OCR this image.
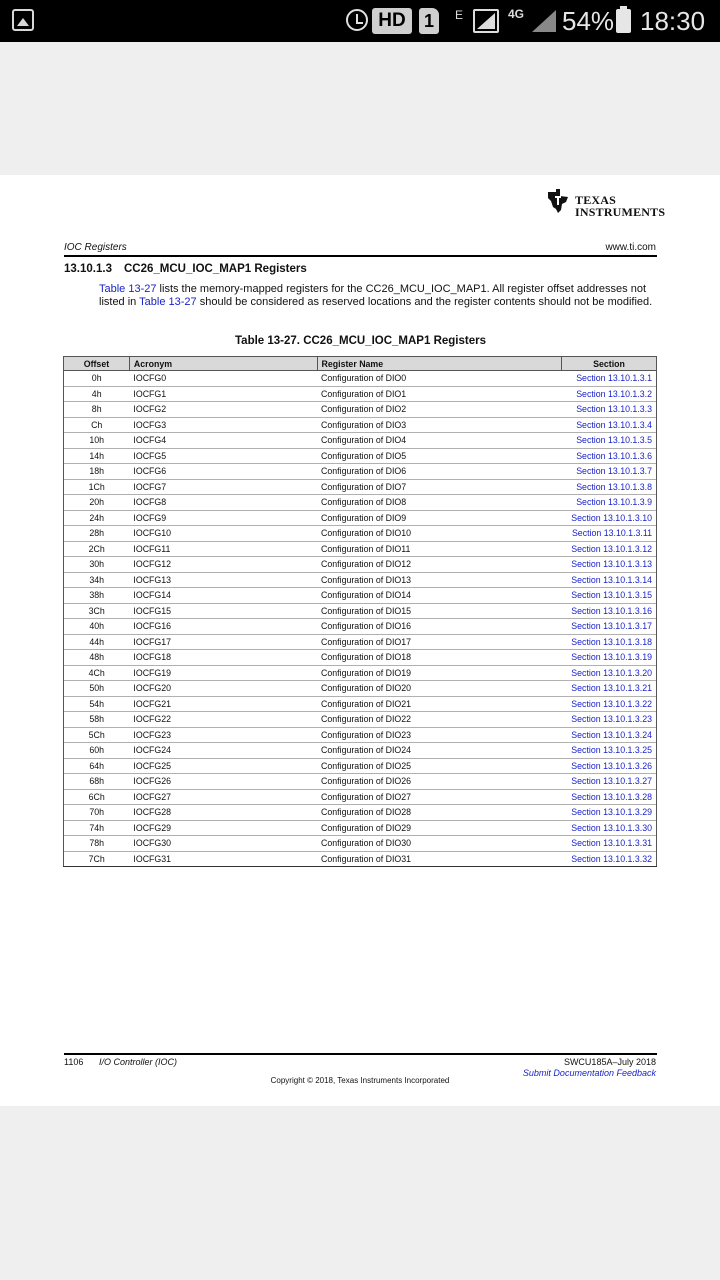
HD	1	E	4G 54% 18:30
TEXAS
INSTRUMENTS
IOC Registers	www.ti.com
13.10.1.3 CC26_MCU_IOC_MAP1 Registers
Table 13-27 lists the memory-mapped registers for the CC26_MCU_IOC_MAP1. All register offset addresses not listed in Table 13-27 should be considered as reserved locations and the register contents should not be modified.
Table 13-27. CC26_MCU_IOC_MAP1 Registers
Offset	Acronym	Register Name	Section
0h	IOCFG0	Configuration of DIO0	Section 13.10.1.3.1
4h	IOCFG1	Configuration of DIO1	Section 13.10.1.3.2
8h	IOCFG2	Configuration of DIO2	Section 13.10.1.3.3
Ch	IOCFG3	Configuration of DIO3	Section 13.10.1.3.4
10h	IOCFG4	Configuration of DIO4	Section 13.10.1.3.5
14h	IOCFG5	Configuration of DIO5	Section 13.10.1.3.6
18h	IOCFG6	Configuration of DIO6	Section 13.10.1.3.7
1Ch	IOCFG7	Configuration of DIO7	Section 13.10.1.3.8
20h	IOCFG8	Configuration of DIO8	Section 13.10.1.3.9
24h	IOCFG9	Configuration of DIO9	Section 13.10.1.3.10
28h	IOCFG10	Configuration of DIO10	Section 13.10.1.3.11
2Ch	IOCFG11	Configuration of DIO11	Section 13.10.1.3.12
30h	IOCFG12	Configuration of DIO12	Section 13.10.1.3.13
34h	IOCFG13	Configuration of DIO13	Section 13.10.1.3.14
38h	IOCFG14	Configuration of DIO14	Section 13.10.1.3.15
3Ch	IOCFG15	Configuration of DIO15	Section 13.10.1.3.16
40h	IOCFG16	Configuration of DIO16	Section 13.10.1.3.17
44h	IOCFG17	Configuration of DIO17	Section 13.10.1.3.18
48h	IOCFG18	Configuration of DIO18	Section 13.10.1.3.19
4Ch	IOCFG19	Configuration of DIO19	Section 13.10.1.3.20
50h	IOCFG20	Configuration of DIO20	Section 13.10.1.3.21
54h	IOCFG21	Configuration of DIO21	Section 13.10.1.3.22
58h	IOCFG22	Configuration of DIO22	Section 13.10.1.3.23
5Ch	IOCFG23	Configuration of DIO23	Section 13.10.1.3.24
60h	IOCFG24	Configuration of DIO24	Section 13.10.1.3.25
64h	IOCFG25	Configuration of DIO25	Section 13.10.1.3.26
68h	IOCFG26	Configuration of DIO26	Section 13.10.1.3.27
6Ch	IOCFG27	Configuration of DIO27	Section 13.10.1.3.28
70h	IOCFG28	Configuration of DIO28	Section 13.10.1.3.29
74h	IOCFG29	Configuration of DIO29	Section 13.10.1.3.30
78h	IOCFG30	Configuration of DIO30	Section 13.10.1.3.31
7Ch	IOCFG31	Configuration of DIO31	Section 13.10.1.3.32
1106 I/O Controller (IOC)	SWCU185A–July 2018
Submit Documentation Feedback
Copyright © 2018, Texas Instruments Incorporated
